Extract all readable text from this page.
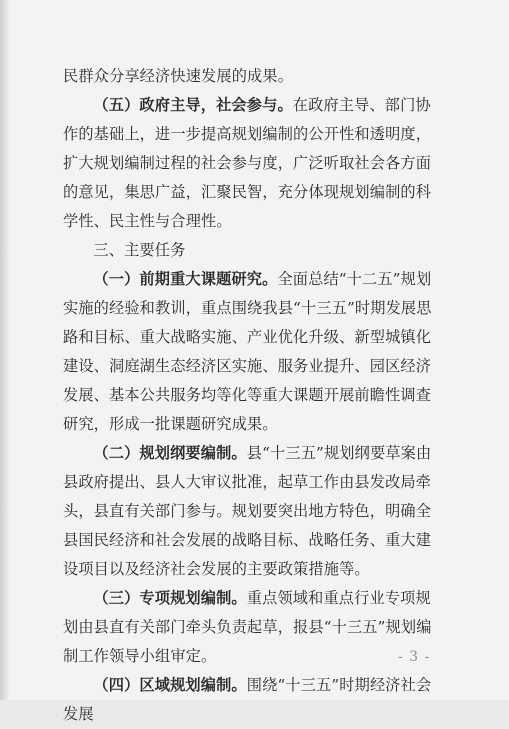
民群众分享经济快速发展的成果。

（五）政府主导，社会参与。在政府主导、部门协作的基础上，进一步提高规划编制的公开性和透明度，扩大规划编制过程的社会参与度，广泛听取社会各方面的意见，集思广益，汇聚民智，充分体现规划编制的科学性、民主性与合理性。

三、主要任务

（一）前期重大课题研究。全面总结“十二五”规划实施的经验和教训，重点围绕我县“十三五”时期发展思路和目标、重大战略实施、产业优化升级、新型城镇化建设、洞庭湖生态经济区实施、服务业提升、园区经济发展、基本公共服务均等化等重大课题开展前瞻性调查研究，形成一批课题研究成果。

（二）规划纲要编制。县“十三五”规划纲要草案由县政府提出、县人大审议批准，起草工作由县发改局牵头，县直有关部门参与。规划要突出地方特色，明确全县国民经济和社会发展的战略目标、战略任务、重大建设项目以及经济社会发展的主要政策措施等。

（三）专项规划编制。重点领域和重点行业专项规划由县直有关部门牵头负责起草，报县“十三五”规划编制工作领导小组审定。

（四）区域规划编制。围绕“十三五”时期经济社会发展

- 3 -
